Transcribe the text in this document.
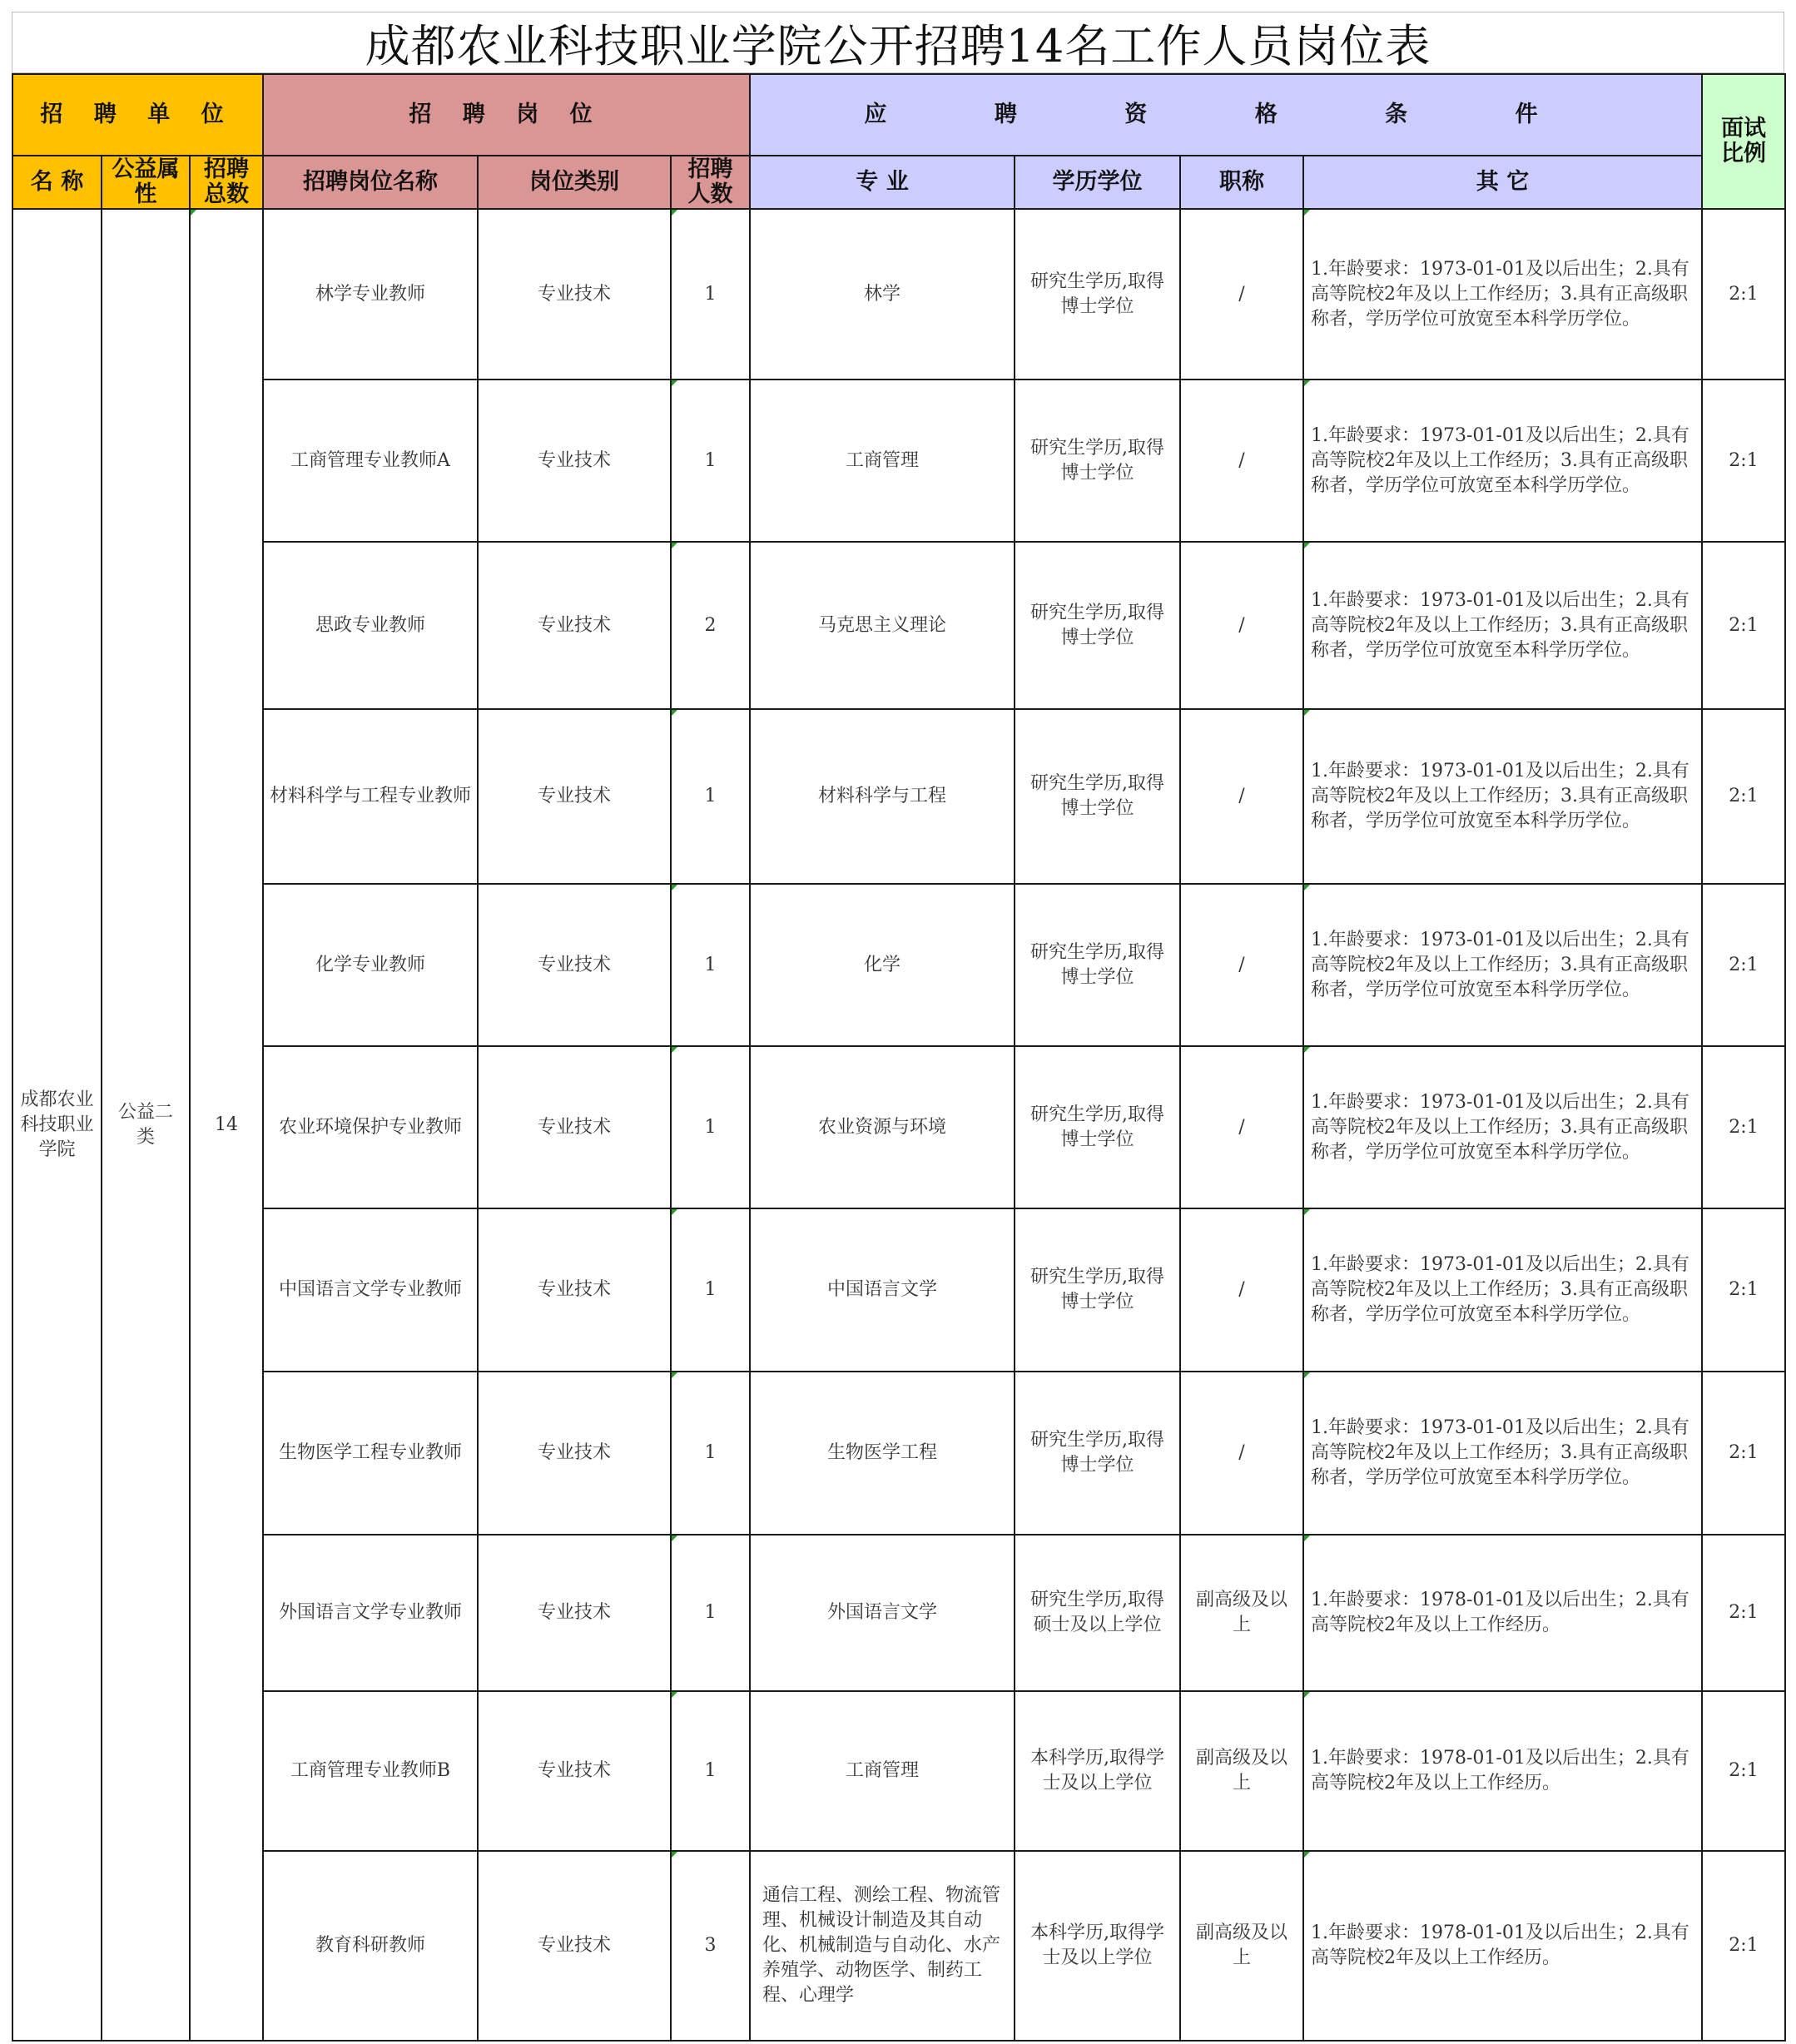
成都农业科技职业学院公开招聘14名工作人员岗位表
招 聘 单 位			招 聘 岗 位			应 聘 资 格 条 件				面试比例
名 称	公益属性	招聘总数	招聘岗位名称	岗位类别	招聘人数	专 业	学历学位	职称	其 它	
成都农业科技职业学院	公益二类	14	林学专业教师	专业技术	1	林学	研究生学历,取得博士学位	/	1.年龄要求：1973-01-01及以后出生；2.具有高等院校2年及以上工作经历；3.具有正高级职称者，学历学位可放宽至本科学历学位。	2:1
			工商管理专业教师A	专业技术	1	工商管理	研究生学历,取得博士学位	/	1.年龄要求：1973-01-01及以后出生；2.具有高等院校2年及以上工作经历；3.具有正高级职称者，学历学位可放宽至本科学历学位。	2:1
			思政专业教师	专业技术	2	马克思主义理论	研究生学历,取得博士学位	/	1.年龄要求：1973-01-01及以后出生；2.具有高等院校2年及以上工作经历；3.具有正高级职称者，学历学位可放宽至本科学历学位。	2:1
			材料科学与工程专业教师	专业技术	1	材料科学与工程	研究生学历,取得博士学位	/	1.年龄要求：1973-01-01及以后出生；2.具有高等院校2年及以上工作经历；3.具有正高级职称者，学历学位可放宽至本科学历学位。	2:1
			化学专业教师	专业技术	1	化学	研究生学历,取得博士学位	/	1.年龄要求：1973-01-01及以后出生；2.具有高等院校2年及以上工作经历；3.具有正高级职称者，学历学位可放宽至本科学历学位。	2:1
			农业环境保护专业教师	专业技术	1	农业资源与环境	研究生学历,取得博士学位	/	1.年龄要求：1973-01-01及以后出生；2.具有高等院校2年及以上工作经历；3.具有正高级职称者，学历学位可放宽至本科学历学位。	2:1
			中国语言文学专业教师	专业技术	1	中国语言文学	研究生学历,取得博士学位	/	1.年龄要求：1973-01-01及以后出生；2.具有高等院校2年及以上工作经历；3.具有正高级职称者，学历学位可放宽至本科学历学位。	2:1
			生物医学工程专业教师	专业技术	1	生物医学工程	研究生学历,取得博士学位	/	1.年龄要求：1973-01-01及以后出生；2.具有高等院校2年及以上工作经历；3.具有正高级职称者，学历学位可放宽至本科学历学位。	2:1
			外国语言文学专业教师	专业技术	1	外国语言文学	研究生学历,取得硕士及以上学位	副高级及以上	1.年龄要求：1978-01-01及以后出生；2.具有高等院校2年及以上工作经历。	2:1
			工商管理专业教师B	专业技术	1	工商管理	本科学历,取得学士及以上学位	副高级及以上	1.年龄要求：1978-01-01及以后出生；2.具有高等院校2年及以上工作经历。	2:1
			教育科研教师	专业技术	3	通信工程、测绘工程、物流管理、机械设计制造及其自动化、机械制造与自动化、水产养殖学、动物医学、制药工程、心理学	本科学历,取得学士及以上学位	副高级及以上	1.年龄要求：1978-01-01及以后出生；2.具有高等院校2年及以上工作经历。	2:1
